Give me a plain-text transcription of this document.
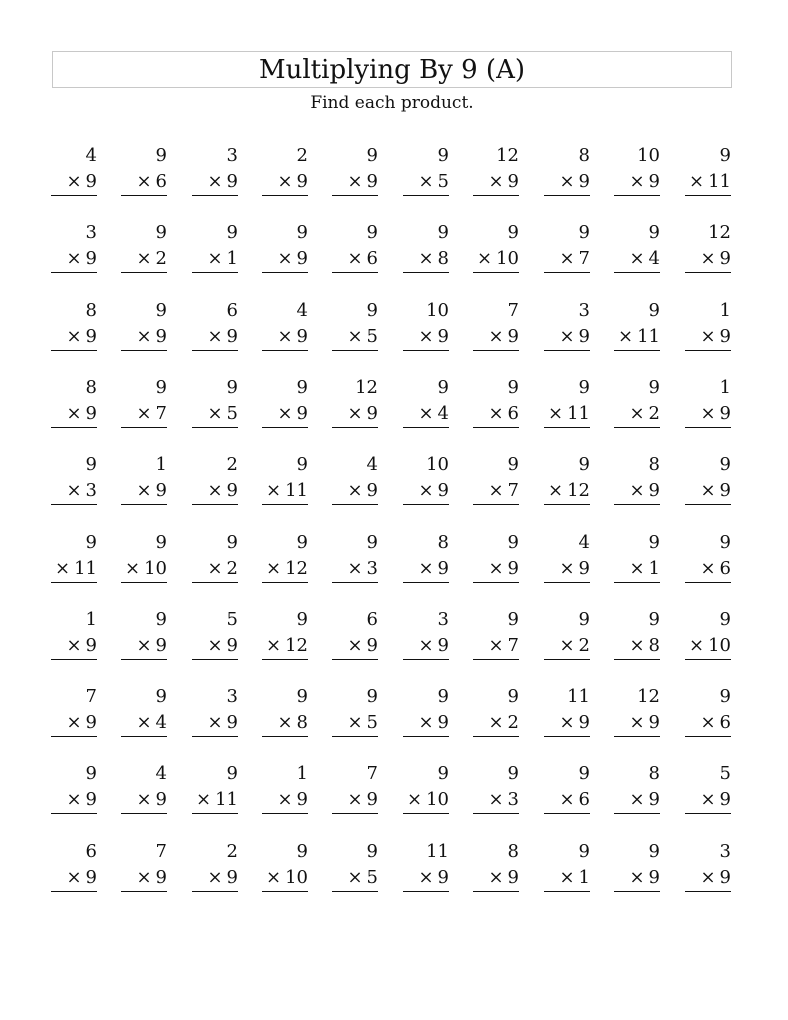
Multiplying By 9 (A)
Find each product.
4
× 9
9
× 6
3
× 9
2
× 9
9
× 9
9
× 5
12
× 9
8
× 9
10
× 9
9
× 11
3
× 9
9
× 2
9
× 1
9
× 9
9
× 6
9
× 8
9
× 10
9
× 7
9
× 4
12
× 9
8
× 9
9
× 9
6
× 9
4
× 9
9
× 5
10
× 9
7
× 9
3
× 9
9
× 11
1
× 9
8
× 9
9
× 7
9
× 5
9
× 9
12
× 9
9
× 4
9
× 6
9
× 11
9
× 2
1
× 9
9
× 3
1
× 9
2
× 9
9
× 11
4
× 9
10
× 9
9
× 7
9
× 12
8
× 9
9
× 9
9
× 11
9
× 10
9
× 2
9
× 12
9
× 3
8
× 9
9
× 9
4
× 9
9
× 1
9
× 6
1
× 9
9
× 9
5
× 9
9
× 12
6
× 9
3
× 9
9
× 7
9
× 2
9
× 8
9
× 10
7
× 9
9
× 4
3
× 9
9
× 8
9
× 5
9
× 9
9
× 2
11
× 9
12
× 9
9
× 6
9
× 9
4
× 9
9
× 11
1
× 9
7
× 9
9
× 10
9
× 3
9
× 6
8
× 9
5
× 9
6
× 9
7
× 9
2
× 9
9
× 10
9
× 5
11
× 9
8
× 9
9
× 1
9
× 9
3
× 9
